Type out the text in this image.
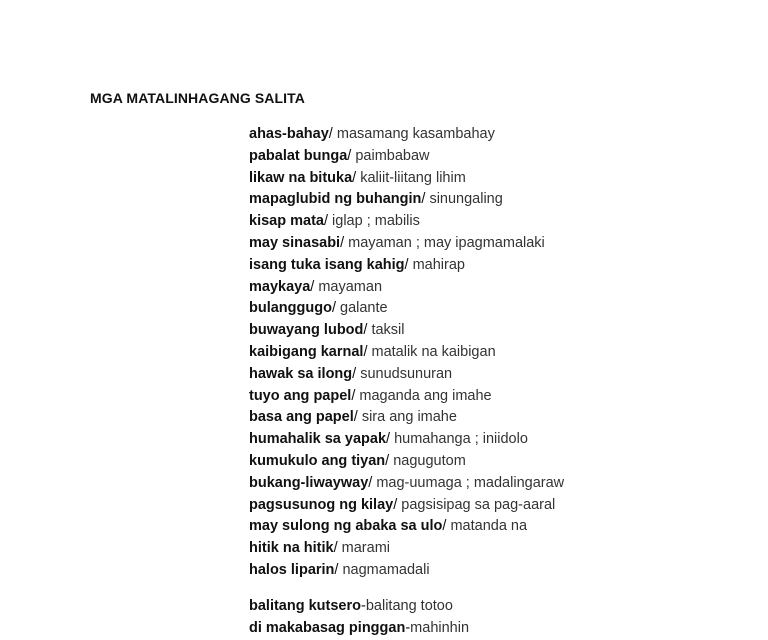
MGA MATALINHAGANG SALITA
ahas-bahay/ masamang kasambahay
pabalat bunga/ paimbabaw
likaw na bituka/ kaliit-liitang lihim
mapaglubid ng buhangin/ sinungaling
kisap mata/ iglap ; mabilis
may sinasabi/ mayaman ; may ipagmamalaki
isang tuka isang kahig/ mahirap
maykaya/ mayaman
bulanggugo/ galante
buwayang lubod/ taksil
kaibigang karnal/ matalik na kaibigan
hawak sa ilong/ sunudsunuran
tuyo ang papel/ maganda ang imahe
basa ang papel/ sira ang imahe
humahalik sa yapak/ humahanga ; iniidolo
kumukulo ang tiyan/ nagugutom
bukang-liwayway/ mag-uumaga ; madalingaraw
pagsusunog ng kilay/ pagsisipag sa pag-aaral
may sulong ng abaka sa ulo/ matanda na
hitik na hitik/ marami
halos liparin/ nagmamadali
balitang kutsero-balitang totoo
di makabasag pinggan-mahinhin
